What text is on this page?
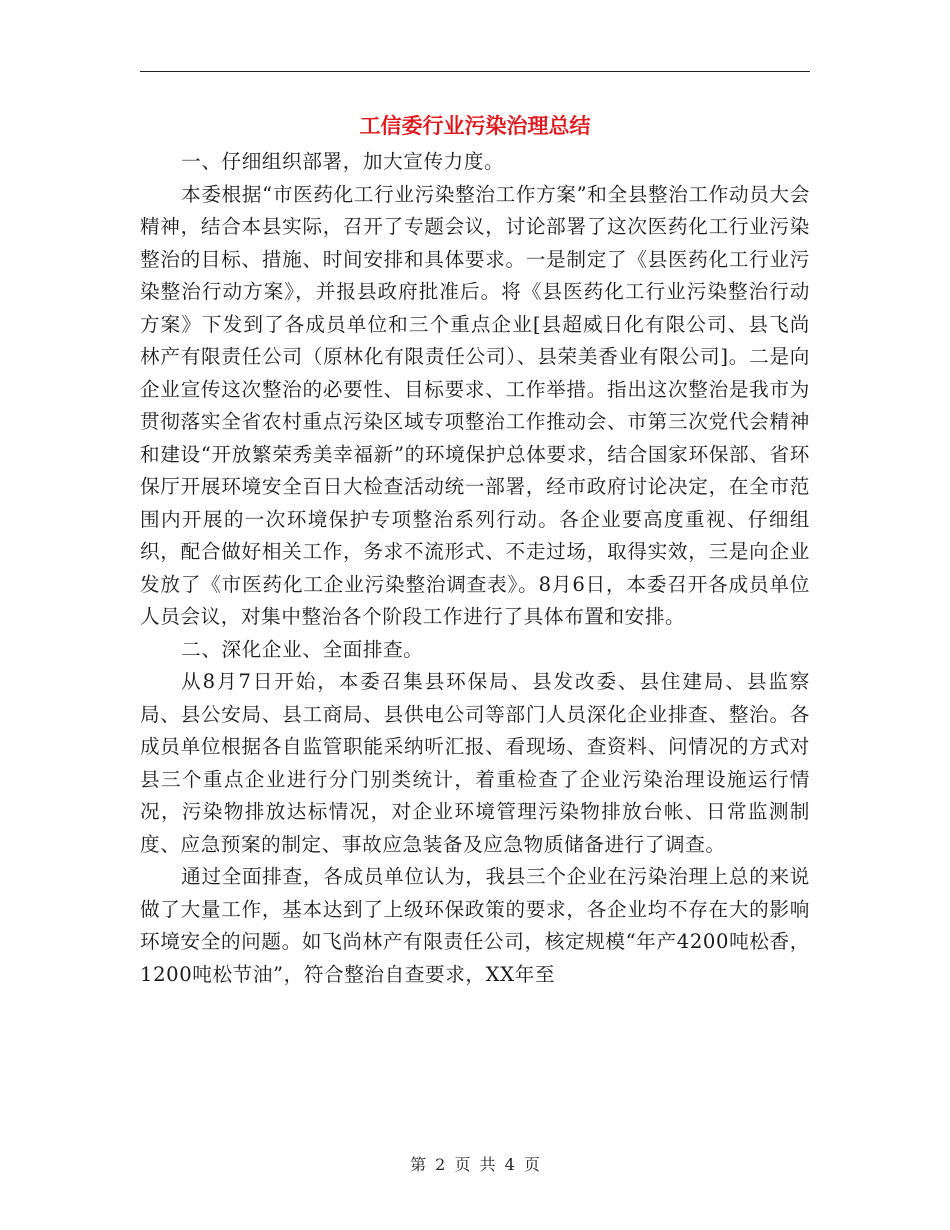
工信委行业污染治理总结

一、仔细组织部署，加大宣传力度。

本委根据“市医药化工行业污染整治工作方案”和全县整治工作动员大会精神，结合本县实际，召开了专题会议，讨论部署了这次医药化工行业污染整治的目标、措施、时间安排和具体要求。一是制定了《县医药化工行业污染整治行动方案》，并报县政府批准后。将《县医药化工行业污染整治行动方案》下发到了各成员单位和三个重点企业[县超威日化有限公司、县飞尚林产有限责任公司（原林化有限责任公司）、县荣美香业有限公司]。二是向企业宣传这次整治的必要性、目标要求、工作举措。指出这次整治是我市为贯彻落实全省农村重点污染区域专项整治工作推动会、市第三次党代会精神和建设“开放繁荣秀美幸福新”的环境保护总体要求，结合国家环保部、省环保厅开展环境安全百日大检查活动统一部署，经市政府讨论决定，在全市范围内开展的一次环境保护专项整治系列行动。各企业要高度重视、仔细组织，配合做好相关工作，务求不流形式、不走过场，取得实效，三是向企业发放了《市医药化工企业污染整治调查表》。8月6日，本委召开各成员单位人员会议，对集中整治各个阶段工作进行了具体布置和安排。

二、深化企业、全面排查。

从8月7日开始，本委召集县环保局、县发改委、县住建局、县监察局、县公安局、县工商局、县供电公司等部门人员深化企业排查、整治。各成员单位根据各自监管职能采纳听汇报、看现场、查资料、问情况的方式对县三个重点企业进行分门别类统计，着重检查了企业污染治理设施运行情况，污染物排放达标情况，对企业环境管理污染物排放台帐、日常监测制度、应急预案的制定、事故应急装备及应急物质储备进行了调查。

通过全面排查，各成员单位认为，我县三个企业在污染治理上总的来说做了大量工作，基本达到了上级环保政策的要求，各企业均不存在大的影响环境安全的问题。如飞尚林产有限责任公司，核定规模“年产4200吨松香，1200吨松节油”，符合整治自查要求，XX年至

第 2 页 共 4 页
